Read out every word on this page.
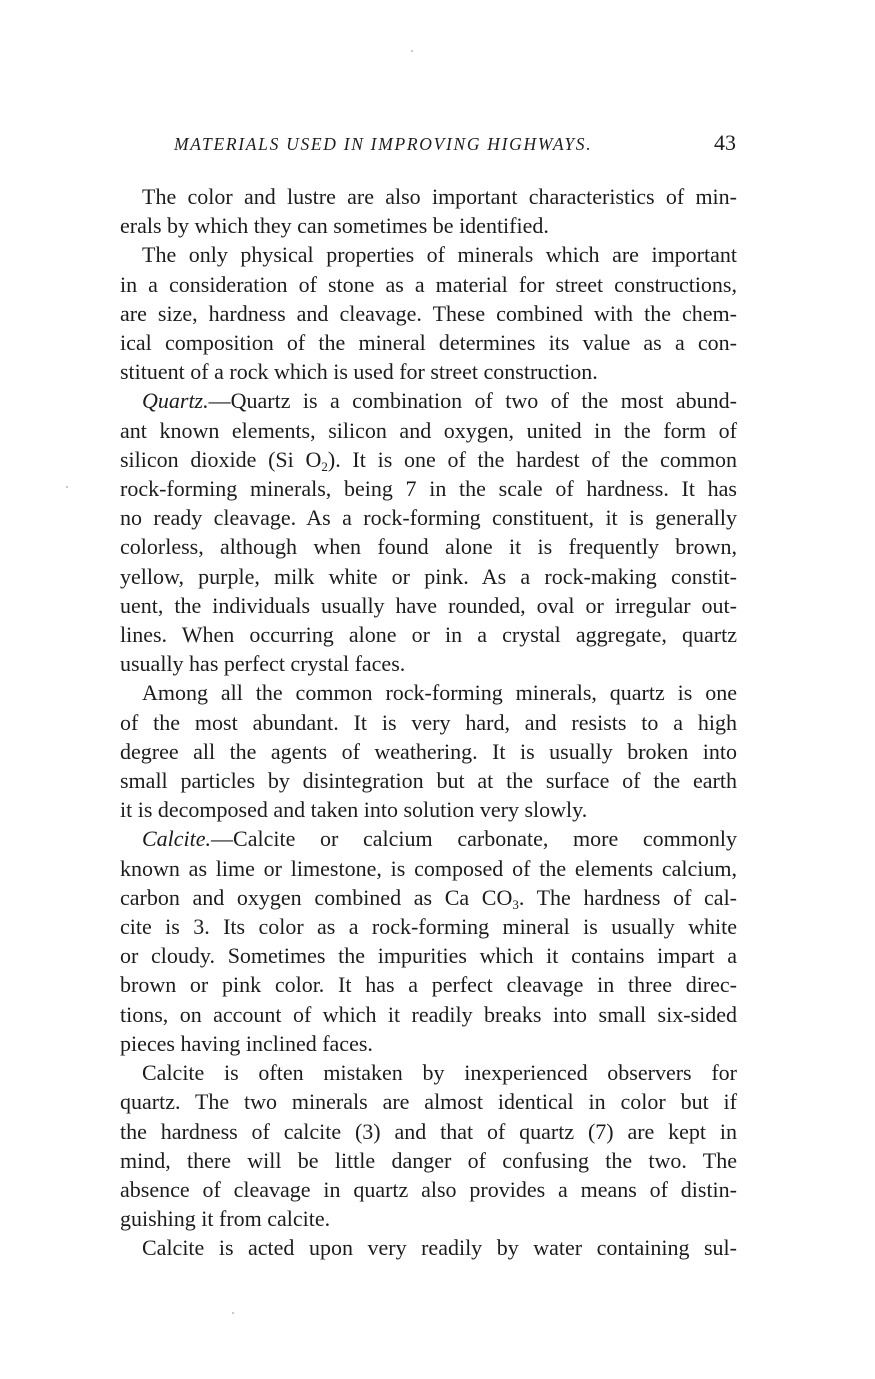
MATERIALS USED IN IMPROVING HIGHWAYS.	43

The color and lustre are also important characteristics of min-
erals by which they can sometimes be identified.

The only physical properties of minerals which are important
in a consideration of stone as a material for street constructions,
are size, hardness and cleavage. These combined with the chem-
ical composition of the mineral determines its value as a con-
stituent of a rock which is used for street construction.

Quartz.—Quartz is a combination of two of the most abund-
ant known elements, silicon and oxygen, united in the form of
silicon dioxide (Si $O_2$). It is one of the hardest of the common
rock-forming minerals, being 7 in the scale of hardness. It has
no ready cleavage. As a rock-forming constituent, it is generally
colorless, although when found alone it is frequently brown,
yellow, purple, milk white or pink. As a rock-making constit-
uent, the individuals usually have rounded, oval or irregular out-
lines. When occurring alone or in a crystal aggregate, quartz
usually has perfect crystal faces.

Among all the common rock-forming minerals, quartz is one
of the most abundant. It is very hard, and resists to a high
degree all the agents of weathering. It is usually broken into
small particles by disintegration but at the surface of the earth
it is decomposed and taken into solution very slowly.

Calcite.—Calcite or calcium carbonate, more commonly
known as lime or limestone, is composed of the elements calcium,
carbon and oxygen combined as Ca $CO_3$. The hardness of cal-
cite is 3. Its color as a rock-forming mineral is usually white
or cloudy. Sometimes the impurities which it contains impart a
brown or pink color. It has a perfect cleavage in three direc-
tions, on account of which it readily breaks into small six-sided
pieces having inclined faces.

Calcite is often mistaken by inexperienced observers for
quartz. The two minerals are almost identical in color but if
the hardness of calcite (3) and that of quartz (7) are kept in
mind, there will be little danger of confusing the two. The
absence of cleavage in quartz also provides a means of distin-
guishing it from calcite.

Calcite is acted upon very readily by water containing sul-
